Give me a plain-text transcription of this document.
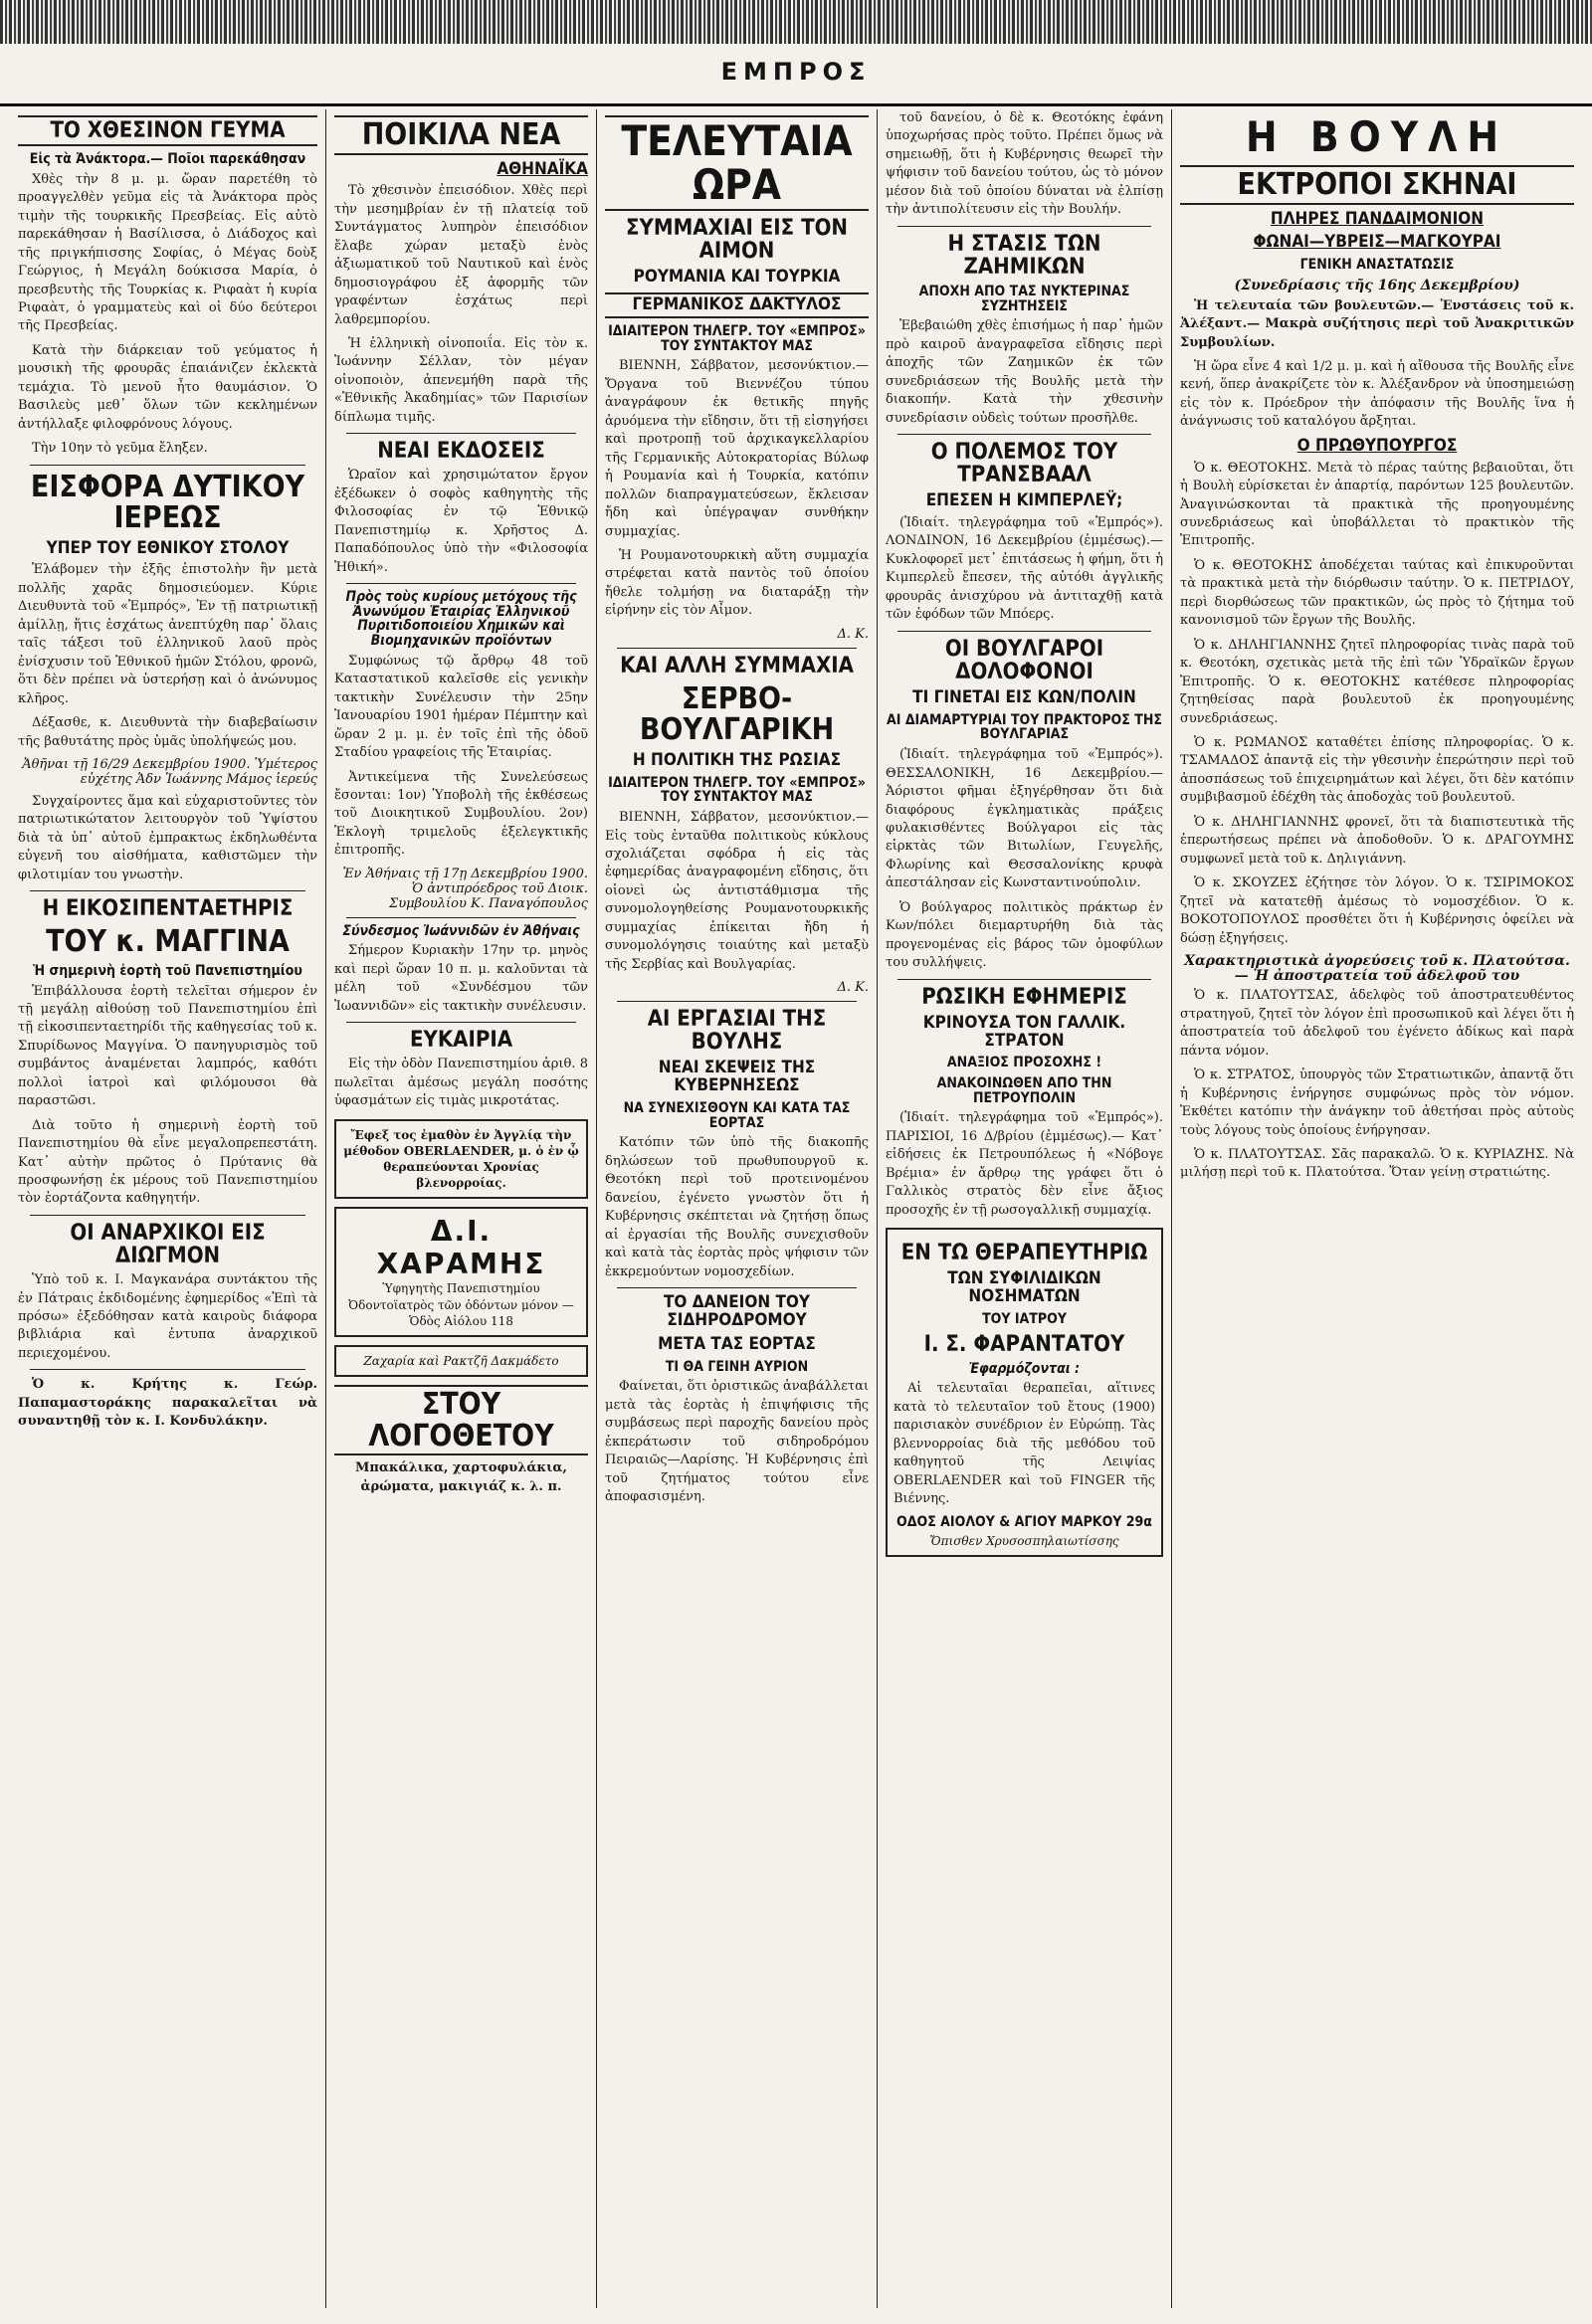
ΕΜΠΡΟΣ
ΤΟ ΧΘΕΣΙΝΟΝ ΓΕΥΜΑ
Εἰς τὰ Ἀνάκτορα.— Ποῖοι παρεκάθησαν

Χθὲς τὴν 8 μ. μ. ὥραν παρετέθη τὸ προαγγελθὲν γεῦμα εἰς τὰ Ἀνάκτορα πρὸς τιμὴν τῆς τουρκικῆς Πρεσβείας. Εἰς αὐτὸ παρεκάθησαν ἡ Βασίλισσα, ὁ Διάδοχος καὶ τῆς πριγκήπισσης Σοφίας, ὁ Μέγας δοὺξ Γεώργιος, ἡ Μεγάλη δούκισσα Μαρία, ὁ πρεσβευτὴς τῆς Τουρκίας κ. Ριφαὰτ ἡ κυρία Ριφαὰτ, ὁ γραμματεὺς καὶ οἱ δύο δεύτεροι τῆς Πρεσβείας.

Κατὰ τὴν διάρκειαν τοῦ γεύματος ἡ μουσικὴ τῆς φρουρᾶς ἐπαιάνιζεν ἐκλεκτὰ τεμάχια. Τὸ μενοῦ ἦτο θαυμάσιον. Ὁ Βασιλεὺς μεθ᾽ ὅλων τῶν κεκλημένων ἀντήλλαξε φιλοφρόνους λόγους.

Τὴν 10ην τὸ γεῦμα ἔληξεν.

ΕΙΣΦΟΡΑ ΔΥΤΙΚΟΥ ΙΕΡΕΩΣ
ΥΠΕΡ ΤΟΥ ΕΘΝΙΚΟΥ ΣΤΟΛΟΥ

Ἐλάβομεν τὴν ἑξῆς ἐπιστολὴν ἣν μετὰ πολλῆς χαρᾶς δημοσιεύομεν. Κύριε Διευθυντὰ τοῦ «Ἐμπρός», Ἐν τῇ πατριωτικῇ ἁμίλλῃ, ἥτις ἐσχάτως ἀνεπτύχθη παρ᾽ ὅλαις ταῖς τάξεσι τοῦ ἑλληνικοῦ λαοῦ πρὸς ἐνίσχυσιν τοῦ Ἐθνικοῦ ἡμῶν Στόλου, φρονῶ, ὅτι δὲν πρέπει νὰ ὑστερήσῃ καὶ ὁ ἀνώνυμος κλῆρος.

Δέξασθε, κ. Διευθυντὰ τὴν διαβεβαίωσιν τῆς βαθυτάτης πρὸς ὑμᾶς ὑπολήψεώς μου.

Ἀθῆναι τῇ 16/29 Δεκεμβρίου 1900. Ὑμέτερος εὐχέτης Ἀδν Ἰωάννης Μάμος ἱερεύς

Συγχαίροντες ἅμα καὶ εὐχαριστοῦντες τὸν πατριωτικώτατον λειτουργὸν τοῦ Ὑψίστου διὰ τὰ ὑπ᾽ αὐτοῦ ἐμπρακτως ἐκδηλωθέντα εὐγενῆ του αἰσθήματα, καθιστῶμεν τὴν φιλοτιμίαν του γνωστὴν.

Η ΕΙΚΟΣΙΠΕΝΤΑΕΤΗΡΙΣ
ΤΟΥ κ. ΜΑΓΓΙΝΑ
Ἡ σημερινὴ ἑορτὴ τοῦ Πανεπιστημίου

Ἐπιβάλλουσα ἑορτὴ τελεῖται σήμερον ἐν τῇ μεγάλῃ αἰθούσῃ τοῦ Πανεπιστημίου ἐπὶ τῇ εἰκοσιπενταετηρίδι τῆς καθηγεσίας τοῦ κ. Σπυρίδωνος Μαγγίνα. Ὁ πανηγυρισμὸς τοῦ συμβάντος ἀναμένεται λαμπρός, καθότι πολλοὶ ἰατροὶ καὶ φιλόμουσοι θὰ παραστῶσι.

Διὰ τοῦτο ἡ σημερινὴ ἑορτὴ τοῦ Πανεπιστημίου θὰ εἶνε μεγαλοπρεπεστάτη. Κατ᾽ αὐτὴν πρῶτος ὁ Πρύτανις θὰ προσφωνήσῃ ἐκ μέρους τοῦ Πανεπιστημίου τὸν ἑορτάζοντα καθηγητήν.

ΟΙ ΑΝΑΡΧΙΚΟΙ ΕΙΣ ΔΙΩΓΜΟΝ

Ὑπὸ τοῦ κ. Ι. Μαγκανάρα συντάκτου τῆς ἐν Πάτραις ἐκδιδομένης ἐφημερίδος «Ἐπὶ τὰ πρόσω» ἐξεδόθησαν κατὰ καιροὺς διάφορα βιβλιάρια καὶ ἐντυπα ἀναρχικοῦ περιεχομένου.

Ὁ κ. Κρήτης κ. Γεώρ. Παπαμαστοράκης παρακαλεῖται νὰ συναντηθῇ τὸν κ. Ι. Κονδυλάκην.

ΠΟΙΚΙΛΑ ΝΕΑ
ΑΘΗΝΑΪΚΑ

Τὸ χθεσινὸν ἐπεισόδιον. Χθὲς περὶ τὴν μεσημβρίαν ἐν τῇ πλατείᾳ τοῦ Συντάγματος λυπηρὸν ἐπεισόδιον ἔλαβε χώραν μεταξὺ ἑνὸς ἀξιωματικοῦ τοῦ Ναυτικοῦ καὶ ἑνὸς δημοσιογράφου ἐξ ἀφορμῆς τῶν γραφέντων ἐσχάτως περὶ λαθρεμπορίου.

Ἡ ἑλληνικὴ οἰνοποιΐα. Εἰς τὸν κ. Ἰωάννην Σέλλαν, τὸν μέγαν οἰνοποιὸν, ἀπενεμήθη παρὰ τῆς «Ἐθνικῆς Ἀκαδημίας» τῶν Παρισίων δίπλωμα τιμῆς.

ΝΕΑΙ ΕΚΔΟΣΕΙΣ

Ὡραῖον καὶ χρησιμώτατον ἔργον ἐξέδωκεν ὁ σοφὸς καθηγητὴς τῆς Φιλοσοφίας ἐν τῷ Ἐθνικῷ Πανεπιστημίῳ κ. Χρῆστος Δ. Παπαδόπουλος ὑπὸ τὴν «Φιλοσοφία Ἠθική».

Πρὸς τοὺς κυρίους μετόχους τῆς Ἀνωνύμου Ἑταιρίας Ἑλληνικοῦ Πυριτιδοποιείου Χημικῶν καὶ Βιομηχανικῶν προϊόντων

Συμφώνως τῷ ἄρθρῳ 48 τοῦ Καταστατικοῦ καλεῖσθε εἰς γενικὴν τακτικὴν Συνέλευσιν τὴν 25ην Ἰανουαρίου 1901 ἡμέραν Πέμπτην καὶ ὥραν 2 μ. μ. ἐν τοῖς ἐπὶ τῆς ὁδοῦ Σταδίου γραφείοις τῆς Ἑταιρίας.

Ἀντικείμενα τῆς Συνελεύσεως ἔσονται: 1ον) Ὑποβολὴ τῆς ἐκθέσεως τοῦ Διοικητικοῦ Συμβουλίου. 2ον) Ἐκλογὴ τριμελοῦς ἐξελεγκτικῆς ἐπιτροπῆς.

Ἐν Ἀθήναις τῇ 17ῃ Δεκεμβρίου 1900. Ὁ ἀντιπρόεδρος τοῦ Διοικ. Συμβουλίου Κ. Παναγόπουλος
Σύνδεσμος Ἰωάννιδῶν ἐν Ἀθήναις

Σήμερον Κυριακὴν 17ην τρ. μηνὸς καὶ περὶ ὥραν 10 π. μ. καλοῦνται τὰ μέλη τοῦ «Συνδέσμου τῶν Ἰωαννιδῶν» εἰς τακτικὴν συνέλευσιν.

ΕΥΚΑΙΡΙΑ

Εἰς τὴν ὁδὸν Πανεπιστημίου ἀριθ. 8 πωλεῖται ἀμέσως μεγάλη ποσότης ὑφασμάτων εἰς τιμὰς μικροτάτας.

Ἔφεξ τος ἐμαθὸν ἐν Ἀγγλίᾳ τὴν μέθοδον OBERLAENDER, μ. ὁ ἐν ᾧ θεραπεύονται Χρονίας βλενορροίας.
Δ.Ι. ΧΑΡΑΜΗΣ
Ὑφηγητὴς Πανεπιστημίου Ὀδοντοϊατρὸς τῶν ὀδόντων μόνον — Ὁδὸς Αἰόλου 118
Ζαχαρία καὶ Ρακτζῆ Δακμάδετο
ΣΤΟΥ ΛΟΓΟΘΕΤΟΥ

Μπακάλικα, χαρτοφυλάκια, ἀρώματα, μακιγιάζ κ. λ. π.

ΤΕΛΕΥΤΑΙΑ ΩΡΑ
ΣΥΜΜΑΧΙΑΙ ΕΙΣ ΤΟΝ ΑΙΜΟΝ
ΡΟΥΜΑΝΙΑ ΚΑΙ ΤΟΥΡΚΙΑ
ΓΕΡΜΑΝΙΚΟΣ ΔΑΚΤΥΛΟΣ
ΙΔΙΑΙΤΕΡΟΝ ΤΗΛΕΓΡ. ΤΟΥ «ΕΜΠΡΟΣ» ΤΟΥ ΣΥΝΤΑΚΤΟΥ ΜΑΣ

ΒΙΕΝΝΗ, Σάββατον, μεσονύκτιον.— Ὄργανα τοῦ Βιεννέζου τύπου ἀναγράφουν ἐκ θετικῆς πηγῆς ἀρυόμενα τὴν εἴδησιν, ὅτι τῇ εἰσηγήσει καὶ προτροπῇ τοῦ ἀρχικαγκελλαρίου τῆς Γερμανικῆς Αὐτοκρατορίας Βύλωφ ἡ Ρουμανία καὶ ἡ Τουρκία, κατόπιν πολλῶν διαπραγματεύσεων, ἔκλεισαν ἤδη καὶ ὑπέγραψαν συνθήκην συμμαχίας.

Ἡ Ρουμανοτουρκικὴ αὕτη συμμαχία στρέφεται κατὰ παντὸς τοῦ ὁποίου ἤθελε τολμήσῃ να διαταράξῃ τὴν εἰρήνην εἰς τὸν Αἶμον.

Δ. Κ.
ΚΑΙ ΑΛΛΗ ΣΥΜΜΑΧΙΑ
ΣΕΡΒΟ-ΒΟΥΛΓΑΡΙΚΗ
Η ΠΟΛΙΤΙΚΗ ΤΗΣ ΡΩΣΙΑΣ
ΙΔΙΑΙΤΕΡΟΝ ΤΗΛΕΓΡ. ΤΟΥ «ΕΜΠΡΟΣ» ΤΟΥ ΣΥΝΤΑΚΤΟΥ ΜΑΣ

ΒΙΕΝΝΗ, Σάββατον, μεσονύκτιον.— Εἰς τοὺς ἐνταῦθα πολιτικοὺς κύκλους σχολιάζεται σφόδρα ἡ εἰς τὰς ἐφημερίδας ἀναγραφομένη εἴδησις, ὅτι οἱονεὶ ὡς ἀντιστάθμισμα τῆς συνομολογηθείσης Ρουμανοτουρκικῆς συμμαχίας ἐπίκειται ἤδη ἡ συνομολόγησις τοιαύτης καὶ μεταξὺ τῆς Σερβίας καὶ Βουλγαρίας.

Δ. Κ.
ΑΙ ΕΡΓΑΣΙΑΙ ΤΗΣ ΒΟΥΛΗΣ
ΝΕΑΙ ΣΚΕΨΕΙΣ ΤΗΣ ΚΥΒΕΡΝΗΣΕΩΣ
ΝΑ ΣΥΝΕΧΙΣΘΟΥΝ ΚΑΙ ΚΑΤΑ ΤΑΣ ΕΟΡΤΑΣ

Κατόπιν τῶν ὑπὸ τῆς διακοπῆς δηλώσεων τοῦ πρωθυπουργοῦ κ. Θεοτόκη περὶ τοῦ προτεινομένου δανείου, ἐγένετο γνωστὸν ὅτι ἡ Κυβέρνησις σκέπτεται νὰ ζητήσῃ ὅπως αἱ ἐργασίαι τῆς Βουλῆς συνεχισθοῦν καὶ κατὰ τὰς ἑορτὰς πρὸς ψήφισιν τῶν ἐκκρεμούντων νομοσχεδίων.

ΤΟ ΔΑΝΕΙΟΝ ΤΟΥ ΣΙΔΗΡΟΔΡΟΜΟΥ
ΜΕΤΑ ΤΑΣ ΕΟΡΤΑΣ
ΤΙ ΘΑ ΓΕΙΝΗ ΑΥΡΙΟΝ

Φαίνεται, ὅτι ὁριστικῶς ἀναβάλλεται μετὰ τὰς ἑορτὰς ἡ ἐπιψήφισις τῆς συμβάσεως περὶ παροχῆς δανείου πρὸς ἐκπεράτωσιν τοῦ σιδηροδρόμου Πειραιῶς—Λαρίσης. Ἡ Κυβέρνησις ἐπὶ τοῦ ζητήματος τούτου εἶνε ἀποφασισμένη.

τοῦ δανείου, ὁ δὲ κ. Θεοτόκης ἐφάνη ὑποχωρήσας πρὸς τοῦτο. Πρέπει ὅμως νὰ σημειωθῇ, ὅτι ἡ Κυβέρνησις θεωρεῖ τὴν ψήφισιν τοῦ δανείου τούτου, ὡς τὸ μόνον μέσον διὰ τοῦ ὁποίου δύναται νὰ ἐλπίσῃ τὴν ἀντιπολίτευσιν εἰς τὴν Βουλήν.

Η ΣΤΑΣΙΣ ΤΩΝ ΖΑΗΜΙΚΩΝ
ΑΠΟΧΗ ΑΠΟ ΤΑΣ ΝΥΚΤΕΡΙΝΑΣ ΣΥΖΗΤΗΣΕΙΣ

Ἐβεβαιώθη χθὲς ἐπισήμως ἡ παρ᾽ ἡμῶν πρὸ καιροῦ ἀναγραφεῖσα εἴδησις περὶ ἀποχῆς τῶν Ζαημικῶν ἐκ τῶν συνεδριάσεων τῆς Βουλῆς μετὰ τὴν διακοπήν. Κατὰ τὴν χθεσινὴν συνεδρίασιν οὐδεὶς τούτων προσῆλθε.

Ο ΠΟΛΕΜΟΣ ΤΟΥ ΤΡΑΝΣΒΑΑΛ
ΕΠΕΣΕΝ Η ΚΙΜΠΕΡΛΕΫ;

(Ἰδιαίτ. τηλεγράφημα τοῦ «Ἐμπρός»). ΛΟΝΔΙΝΟΝ, 16 Δεκεμβρίου (ἐμμέσως).— Κυκλοφορεῖ μετ᾽ ἐπιτάσεως ἡ φήμη, ὅτι ἡ Κιμπερλεῢ ἔπεσεν, τῆς αὐτόθι ἀγγλικῆς φρουρᾶς ἀνισχύρου νὰ ἀντιταχθῇ κατὰ τῶν ἐφόδων τῶν Μπόερς.

ΟΙ ΒΟΥΛΓΑΡΟΙ ΔΟΛΟΦΟΝΟΙ
ΤΙ ΓΙΝΕΤΑΙ ΕΙΣ ΚΩΝ/ΠΟΛΙΝ
ΑΙ ΔΙΑΜΑΡΤΥΡΙΑΙ ΤΟΥ ΠΡΑΚΤΟΡΟΣ ΤΗΣ ΒΟΥΛΓΑΡΙΑΣ

(Ἰδιαίτ. τηλεγράφημα τοῦ «Ἐμπρός»). ΘΕΣΣΑΛΟΝΙΚΗ, 16 Δεκεμβρίου.— Ἀόριστοι φῆμαι ἐξηγέρθησαν ὅτι διὰ διαφόρους ἐγκληματικὰς πράξεις φυλακισθέντες Βούλγαροι εἰς τὰς εἱρκτὰς τῶν Βιτωλίων, Γευγελῆς, Φλωρίνης καὶ Θεσσαλονίκης κρυφὰ ἀπεστάλησαν εἰς Κωνσταντινούπολιν.

Ὁ βούλγαρος πολιτικὸς πράκτωρ ἐν Κων/πόλει διεμαρτυρήθη διὰ τὰς προγενομένας εἰς βάρος τῶν ὁμοφύλων του συλλήψεις.

ΡΩΣΙΚΗ ΕΦΗΜΕΡΙΣ
ΚΡΙΝΟΥΣΑ ΤΟΝ ΓΑΛΛΙΚ. ΣΤΡΑΤΟΝ
ΑΝΑΞΙΟΣ ΠΡΟΣΟΧΗΣ !
ΑΝΑΚΟΙΝΩΘΕΝ ΑΠΟ ΤΗΝ ΠΕΤΡΟΥΠΟΛΙΝ

(Ἰδιαίτ. τηλεγράφημα τοῦ «Ἐμπρός»). ΠΑΡΙΣΙΟΙ, 16 Δ/βρίου (ἐμμέσως).— Κατ᾽ εἰδήσεις ἐκ Πετρουπόλεως ἡ «Νόβογε Βρέμια» ἐν ἄρθρῳ της γράφει ὅτι ὁ Γαλλικὸς στρατὸς δὲν εἶνε ἄξιος προσοχῆς ἐν τῇ ρωσογαλλικῇ συμμαχίᾳ.

ΕΝ ΤΩ ΘΕΡΑΠΕΥΤΗΡΙΩ
ΤΩΝ ΣΥΦΙΛΙΔΙΚΩΝ ΝΟΣΗΜΑΤΩΝ
ΤΟΥ ΙΑΤΡΟΥ
Ι. Σ. ΦΑΡΑΝΤΑΤΟΥ
Ἐφαρμόζονται :

Αἱ τελευταῖαι θεραπεῖαι, αἵτινες κατὰ τὸ τελευταῖον τοῦ ἔτους (1900) παρισιακὸν συνέδριον ἐν Εὐρώπῃ. Τὰς βλεννορροίας διὰ τῆς μεθόδου τοῦ καθηγητοῦ τῆς Λειψίας OBERLAENDER καὶ τοῦ FINGER τῆς Βιέννης.

ΟΔΟΣ ΑΙΟΛΟΥ & ΑΓΙΟΥ ΜΑΡΚΟΥ 29α
Ὄπισθεν Χρυσοσπηλαιωτίσσης
Η ΒΟΥΛΗ
ΕΚΤΡΟΠΟΙ ΣΚΗΝΑΙ
ΠΛΗΡΕΣ ΠΑΝΔΑΙΜΟΝΙΟΝ
ΦΩΝΑΙ—ΥΒΡΕΙΣ—ΜΑΓΚΟΥΡΑΙ
ΓΕΝΙΚΗ ΑΝΑΣΤΑΤΩΣΙΣ
(Συνεδρίασις τῆς 16ης Δεκεμβρίου)

Ἡ τελευταία τῶν βουλευτῶν.— Ἐνστάσεις τοῦ κ. Ἀλέξαντ.— Μακρὰ συζήτησις περὶ τοῦ Ἀνακριτικῶν Συμβουλίων.

Ἡ ὥρα εἶνε 4 καὶ 1/2 μ. μ. καὶ ἡ αἴθουσα τῆς Βουλῆς εἶνε κενή, ὅπερ ἀνακρίζετε τὸν κ. Ἀλέξανδρον νὰ ὑποσημειώσῃ εἰς τὸν κ. Πρόεδρον τὴν ἀπόφασιν τῆς Βουλῆς ἵνα ἡ ἀνάγνωσις τοῦ καταλόγου ἄρξηται.

Ο ΠΡΩΘΥΠΟΥΡΓΟΣ

Ὁ κ. ΘΕΟΤΟΚΗΣ. Μετὰ τὸ πέρας ταύτης βεβαιοῦται, ὅτι ἡ Βουλὴ εὑρίσκεται ἐν ἀπαρτίᾳ, παρόντων 125 βουλευτῶν. Ἀναγινώσκονται τὰ πρακτικὰ τῆς προηγουμένης συνεδριάσεως καὶ ὑποβάλλεται τὸ πρακτικὸν τῆς Ἐπιτροπῆς.

Ὁ κ. ΘΕΟΤΟΚΗΣ ἀποδέχεται ταύτας καὶ ἐπικυροῦνται τὰ πρακτικὰ μετὰ τὴν διόρθωσιν ταύτην. Ὁ κ. ΠΕΤΡΙΔΟΥ, περὶ διορθώσεως τῶν πρακτικῶν, ὡς πρὸς τὸ ζήτημα τοῦ κανονισμοῦ τῶν ἔργων τῆς Βουλῆς.

Ὁ κ. ΔΗΛΗΓΙΑΝΝΗΣ ζητεῖ πληροφορίας τινὰς παρὰ τοῦ κ. Θεοτόκη, σχετικὰς μετὰ τῆς ἐπὶ τῶν Ὑδραϊκῶν ἔργων Ἐπιτροπῆς. Ὁ κ. ΘΕΟΤΟΚΗΣ κατέθεσε πληροφορίας ζητηθείσας παρὰ βουλευτοῦ ἐκ προηγουμένης συνεδριάσεως.

Ὁ κ. ΡΩΜΑΝΟΣ καταθέτει ἐπίσης πληροφορίας. Ὁ κ. ΤΣΑΜΑΔΟΣ ἀπαντᾷ εἰς τὴν γθεσινὴν ἐπερώτησιν περὶ τοῦ ἀποσπάσεως τοῦ ἐπιχειρημάτων καὶ λέγει, ὅτι δὲν κατόπιν συμβιβασμοῦ ἐδέχθη τὰς ἀποδοχὰς τοῦ βουλευτοῦ.

Ὁ κ. ΔΗΛΗΓΙΑΝΝΗΣ φρονεῖ, ὅτι τὰ διαπιστευτικὰ τῆς ἐπερωτήσεως πρέπει νὰ ἀποδοθοῦν. Ὁ κ. ΔΡΑΓΟΥΜΗΣ συμφωνεῖ μετὰ τοῦ κ. Δηλιγιάννη.

Ὁ κ. ΣΚΟΥΖΕΣ ἐζήτησε τὸν λόγον. Ὁ κ. ΤΣΙΡΙΜΟΚΟΣ ζητεῖ νὰ κατατεθῇ ἀμέσως τὸ νομοσχέδιον. Ὁ κ. ΒΟΚΟΤΟΠΟΥΛΟΣ προσθέτει ὅτι ἡ Κυβέρνησις ὀφείλει νὰ δώσῃ ἐξηγήσεις.

Χαρακτηριστικὰ ἀγορεύσεις τοῦ κ. Πλατούτσα.— Ἡ ἀποστρατεία τοῦ ἀδελφοῦ του

Ὁ κ. ΠΛΑΤΟΥΤΣΑΣ, ἀδελφὸς τοῦ ἀποστρατευθέντος στρατηγοῦ, ζητεῖ τὸν λόγον ἐπὶ προσωπικοῦ καὶ λέγει ὅτι ἡ ἀποστρατεία τοῦ ἀδελφοῦ του ἐγένετο ἀδίκως καὶ παρὰ πάντα νόμον.

Ὁ κ. ΣΤΡΑΤΟΣ, ὑπουργὸς τῶν Στρατιωτικῶν, ἀπαντᾷ ὅτι ἡ Κυβέρνησις ἐνήργησε συμφώνως πρὸς τὸν νόμον. Ἐκθέτει κατόπιν τὴν ἀνάγκην τοῦ ἀθετήσαι πρὸς αὐτοὺς τοὺς λόγους τοὺς ὁποίους ἐνήργησαν.

Ὁ κ. ΠΛΑΤΟΥΤΣΑΣ. Σᾶς παρακαλῶ. Ὁ κ. ΚΥΡΙΑΖΗΣ. Νὰ μιλήσῃ περὶ τοῦ κ. Πλατούτσα. Ὅταν γείνῃ στρατιώτης.
